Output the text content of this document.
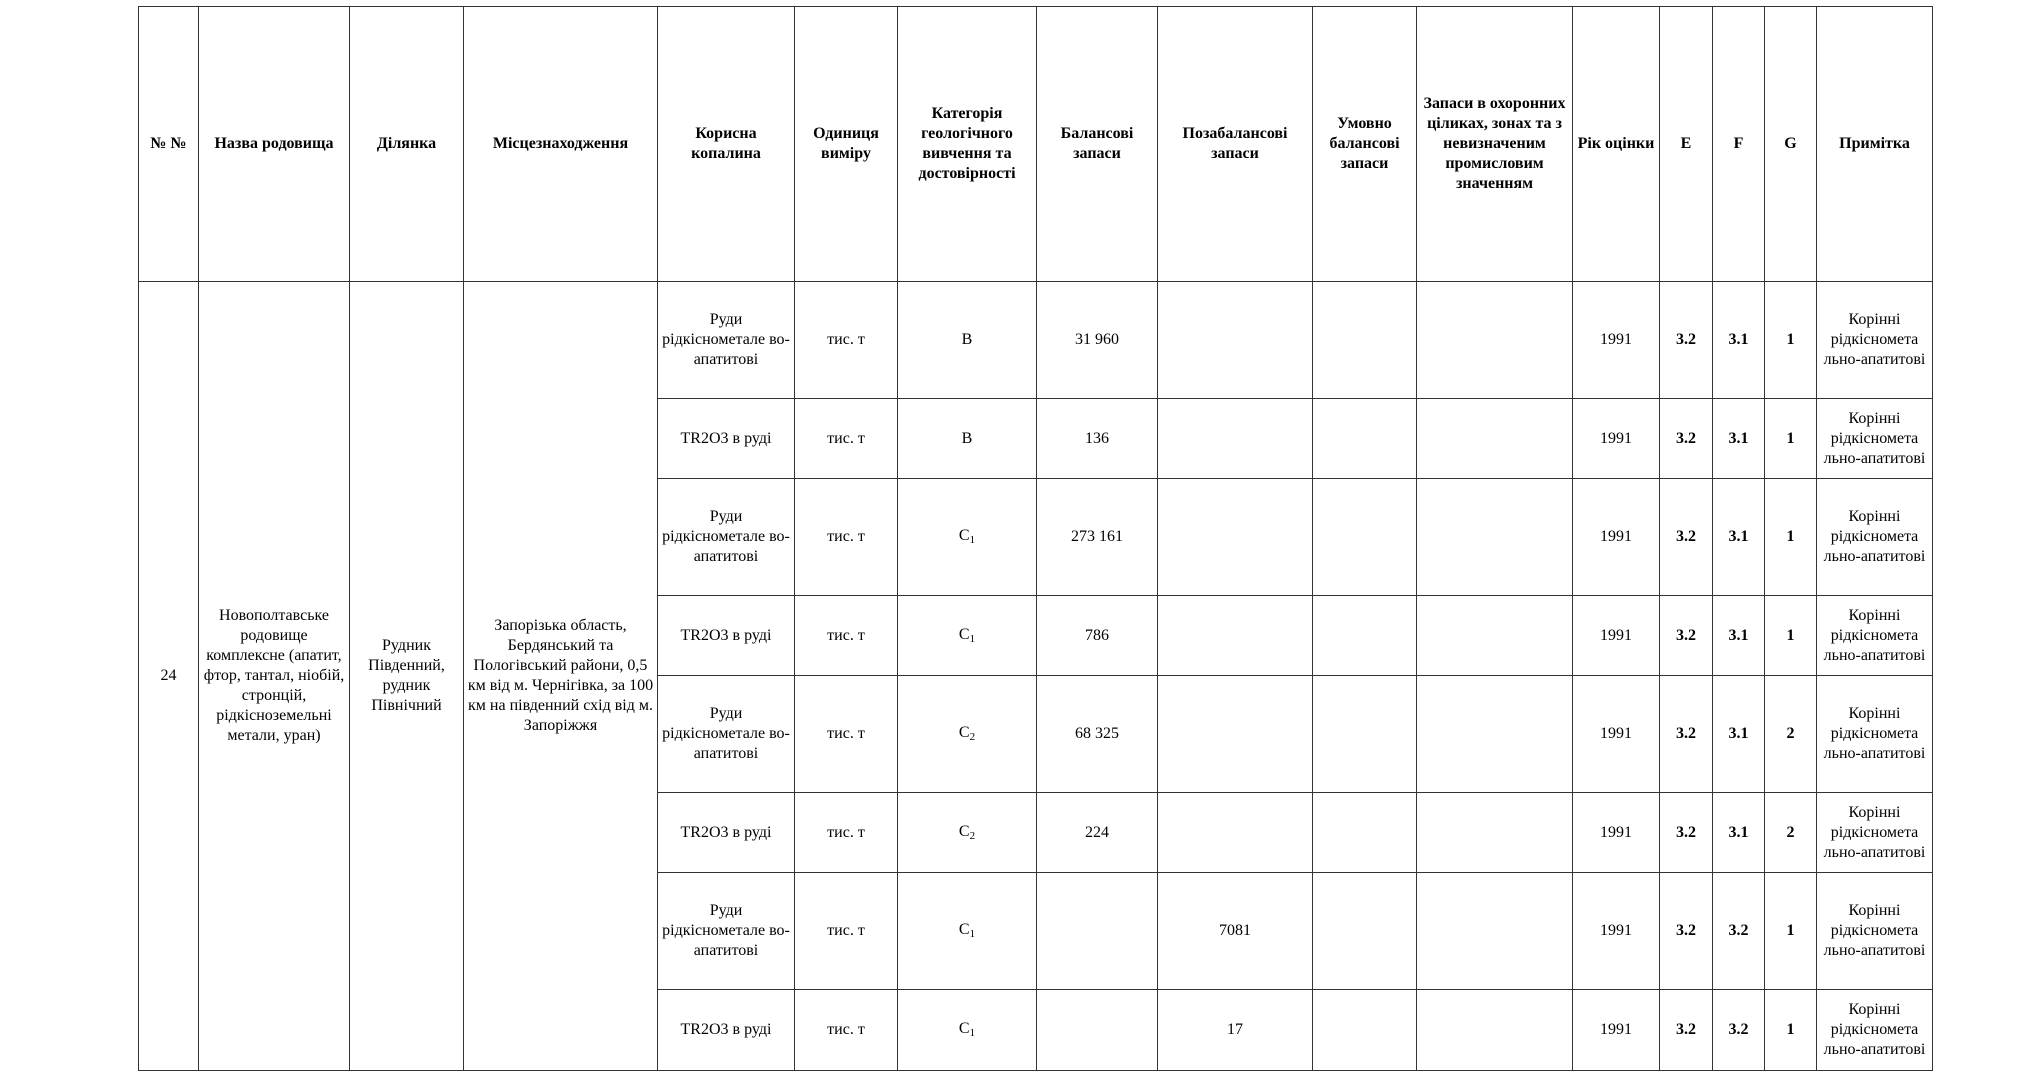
№ №	Назва родовища	Ділянка	Місцезнаходження	Корисна копалина	Одиниця виміру	Категорія геологічного вивчення та достовірності	Балансові запаси	Позабалансові запаси	Умовно балансові запаси	Запаси в охоронних ціликах, зонах та з невизначеним промисловим значенням	Рік оцінки	E	F	G	Примітка
24	Новополтавське родовище комплексне (апатит, фтор, тантал, ніобій, стронцій, рідкісноземельні метали, уран)	Рудник Південний, рудник Північний	Запорізька область, Бердянський та Пологівський райони, 0,5 км від м. Чернігівка, за 100 км на південний схід від м. Запоріжжя	Руди рідкіснометале во-апатитові	тис. т	B	31 960				1991	3.2	3.1	1	Корінні рідкіснометa льно-апатитові
				TR2O3 в руді	тис. т	B	136				1991	3.2	3.1	1	Корінні рідкіснометa льно-апатитові
				Руди рідкіснометале во-апатитові	тис. т	$C_1$	273 161				1991	3.2	3.1	1	Корінні рідкіснометa льно-апатитові
				TR2O3 в руді	тис. т	$C_1$	786				1991	3.2	3.1	1	Корінні рідкіснометa льно-апатитові
				Руди рідкіснометале во-апатитові	тис. т	$C_2$	68 325				1991	3.2	3.1	2	Корінні рідкіснометa льно-апатитові
				TR2O3 в руді	тис. т	$C_2$	224				1991	3.2	3.1	2	Корінні рідкіснометa льно-апатитові
				Руди рідкіснометале во-апатитові	тис. т	$C_1$		7081			1991	3.2	3.2	1	Корінні рідкіснометa льно-апатитові
				TR2O3 в руді	тис. т	$C_1$		17			1991	3.2	3.2	1	Корінні рідкіснометa льно-апатитові
